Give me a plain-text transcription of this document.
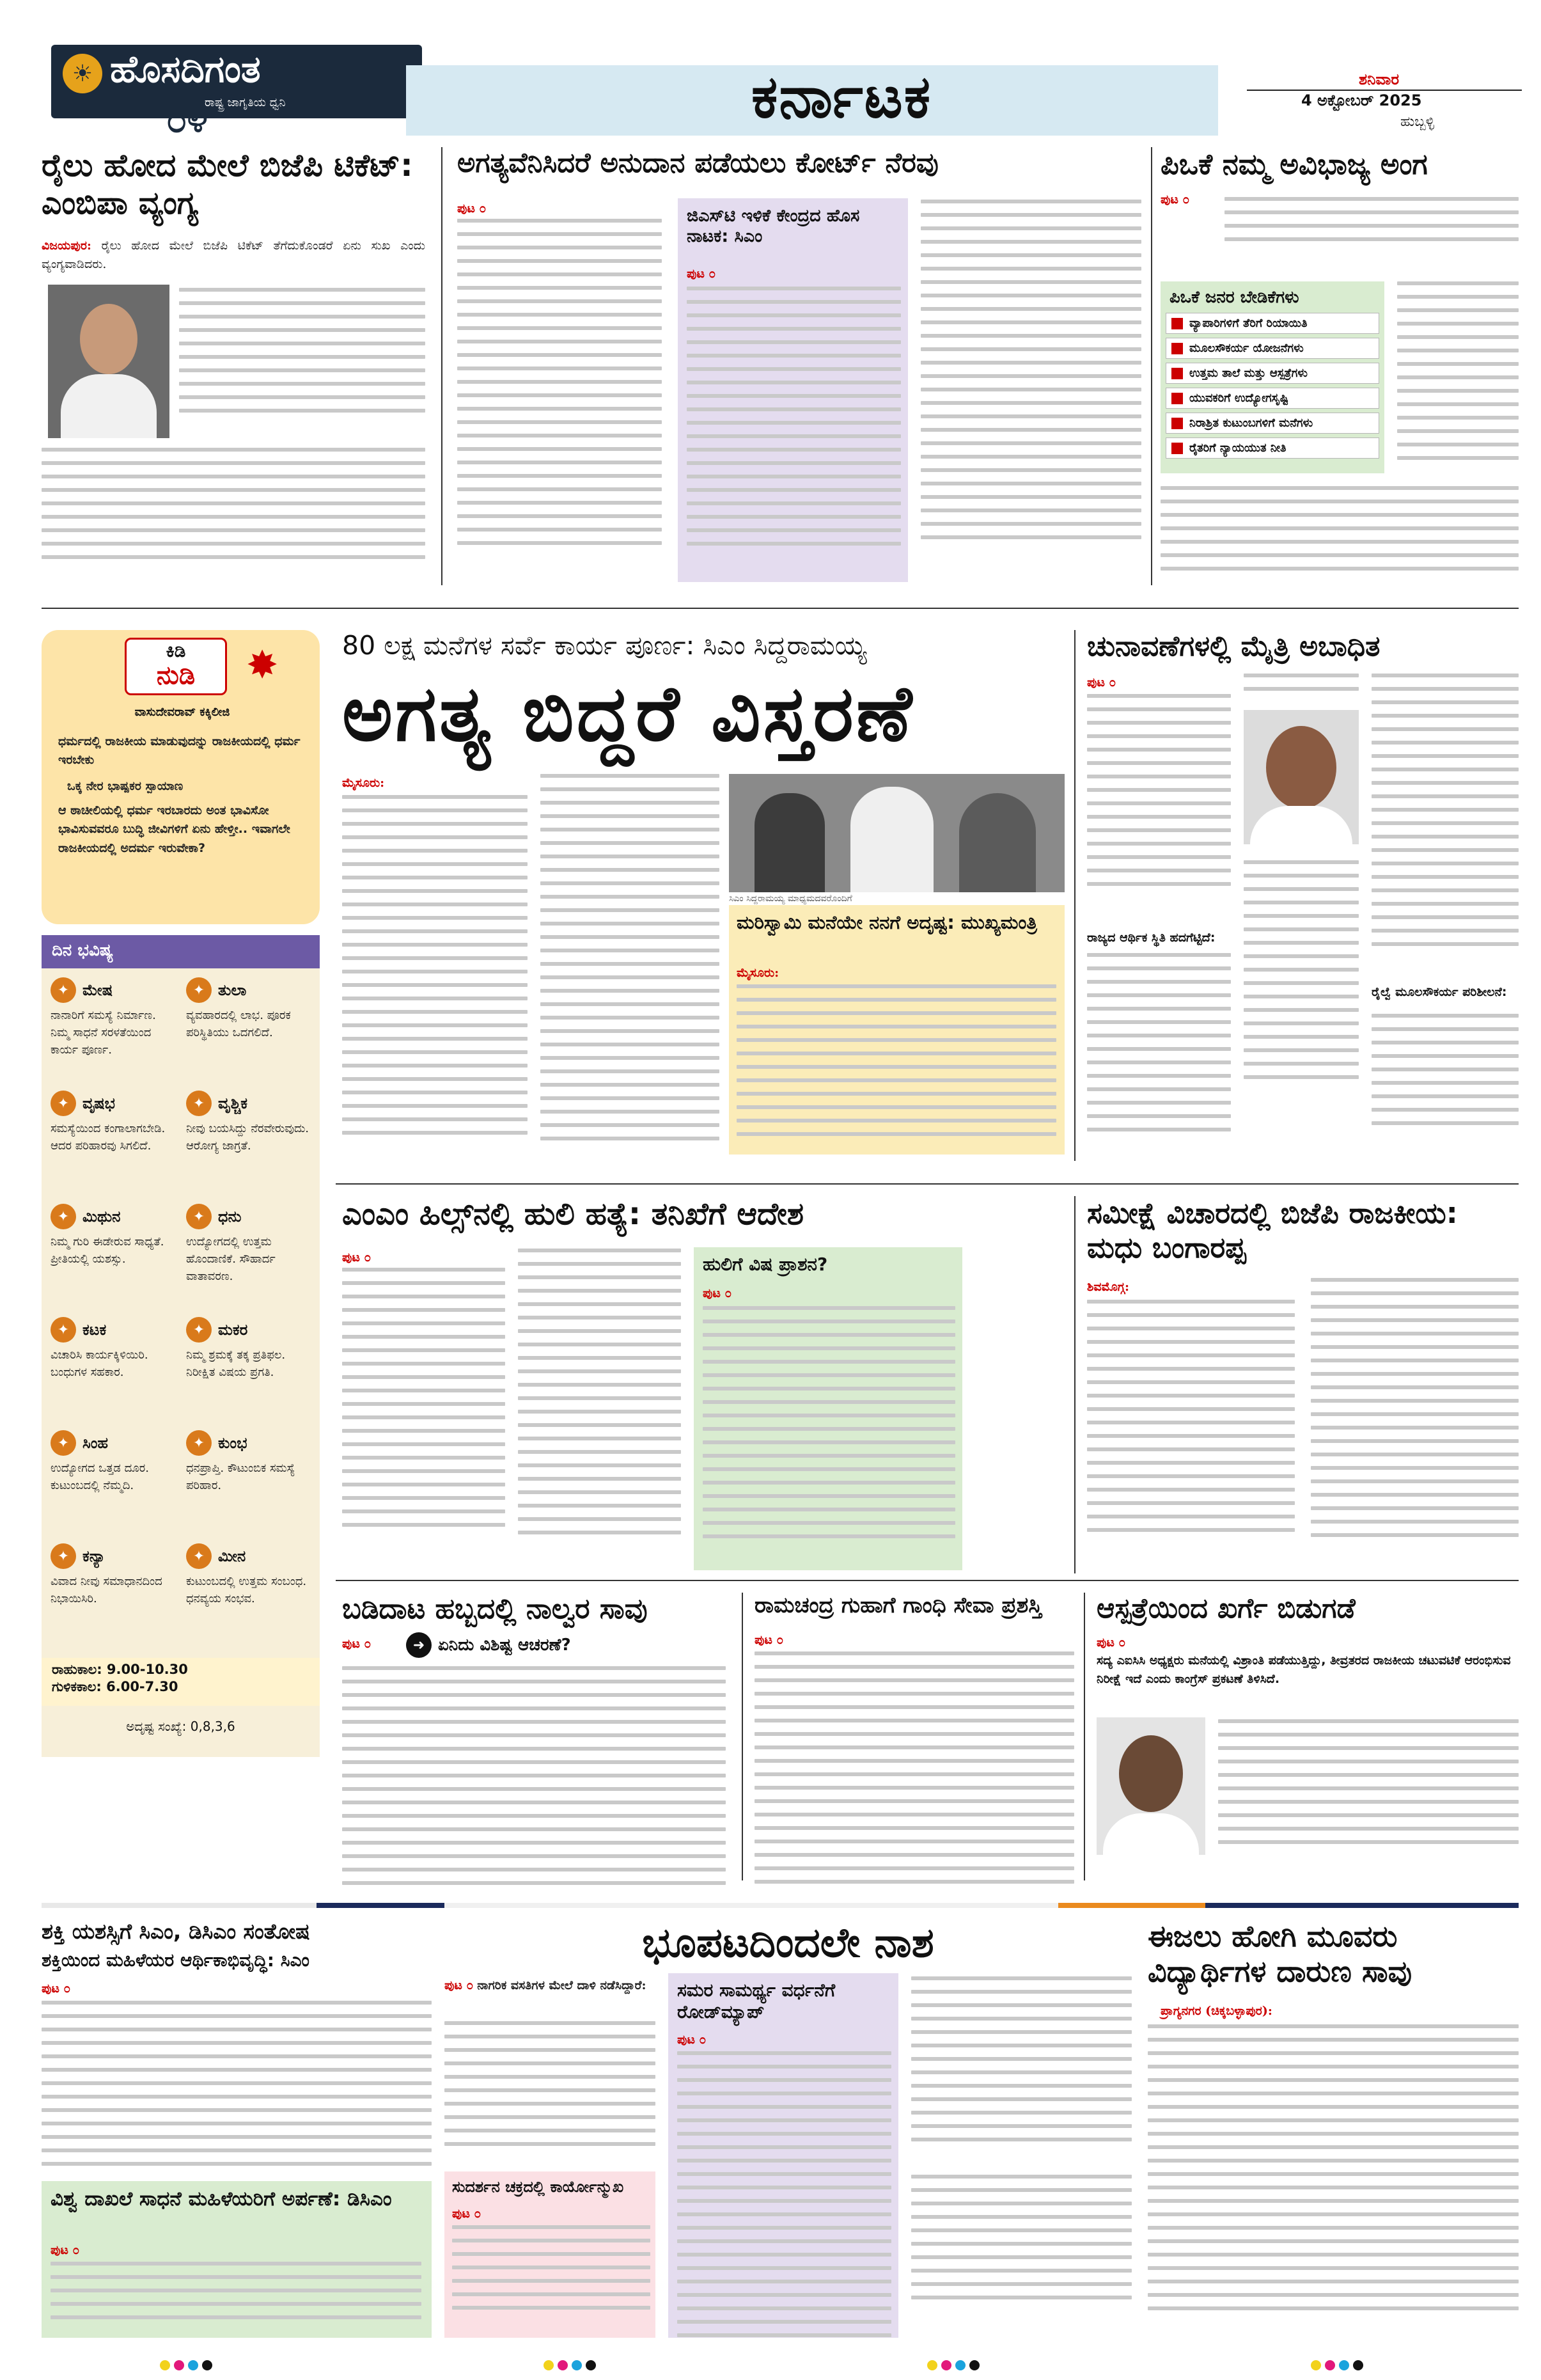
☀ ಹೊಸದಿಗಂತ
ರಾಷ್ಟ್ರ ಜಾಗೃತಿಯ ಧ್ವನಿ
೦೪	ಕರ್ನಾಟಕ	ಶನಿವಾರ
4 ಅಕ್ಟೋಬರ್ 2025
ಹುಬ್ಬಳ್ಳಿ
ರೈಲು ಹೋದ ಮೇಲೆ ಬಿಜೆಪಿ ಟಿಕೆಟ್: ಎಂಬಿಪಾ ವ್ಯಂಗ್ಯ
ವಿಜಯಪುರ: ರೈಲು ಹೋದ ಮೇಲೆ ಬಿಜೆಪಿ ಟಿಕೆಟ್ ತೆಗೆದುಕೊಂಡರೆ ಏನು ಸುಖ ಎಂದು ವ್ಯಂಗ್ಯವಾಡಿದರು.
ಅಗತ್ಯವೆನಿಸಿದರೆ ಅನುದಾನ ಪಡೆಯಲು ಕೋರ್ಟ್ ನೆರವು
ಪುಟ ೦	ಜಿಎಸ್‌ಟಿ ಇಳಿಕೆ ಕೇಂದ್ರದ ಹೊಸ ನಾಟಕ: ಸಿಎಂ
ಪುಟ ೦
ಪಿಒಕೆ ನಮ್ಮ ಅವಿಭಾಜ್ಯ ಅಂಗ
ಪುಟ ೦
ಪಿಒಕೆ ಜನರ ಬೇಡಿಕೆಗಳು
ವ್ಯಾಪಾರಿಗಳಿಗೆ ತೆರಿಗೆ ರಿಯಾಯಿತಿ
ಮೂಲಸೌಕರ್ಯ ಯೋಜನೆಗಳು
ಉತ್ತಮ ತಾಲೆ ಮತ್ತು ಆಸ್ಪತ್ರೆಗಳು
ಯುವಕರಿಗೆ ಉದ್ಯೋಗಸೃಷ್ಟಿ
ನಿರಾಶ್ರಿತ ಕುಟುಂಬಗಳಿಗೆ ಮನೆಗಳು
ರೈತರಿಗೆ ನ್ಯಾಯಯುತ ನೀತಿ
ಕಿಡಿ
ನುಡಿ	✸
ವಾಸುದೇವರಾವ್ ಕಕ್ಕಿಲೀಜಿ
ಧರ್ಮದಲ್ಲಿ ರಾಜಕೀಯ ಮಾಡುವುದನ್ನು ರಾಜಕೀಯದಲ್ಲಿ ಧರ್ಮ ಇರಬೇಕು
ಒಕ್ಕ ನೇರ ಭಾಷ್ಪಕರ ಸ್ಪಾಯಾಣ
ಆ ಠಾಚೀಲಿಯಲ್ಲಿ ಧರ್ಮ ಇರಬಾರದು ಅಂತ ಭಾವಿಸೋ ಭಾವಿಸುವವರೂ ಬುದ್ಧಿ ಜೀವಿಗಳಿಗೆ ಏನು ಹೇಳ್ತೀ.. ಇವಾಗಲೇ ರಾಜಕೀಯದಲ್ಲಿ ಅದರ್ಮ ಇರುವೇಕಾ?
ದಿನ ಭವಿಷ್ಯ
✦ ಮೇಷ
ನಾನಾರಿಗೆ ಸಮಸ್ಯೆ ನಿರ್ಮಾಣ. ನಿಮ್ಮ ಸಾಧನೆ ಸರಳತೆಯಿಂದ ಕಾರ್ಯ ಪೂರ್ಣ.
✦ ವೃಷಭ
ಸಮಸ್ಯೆಯಿಂದ ಕಂಗಾಲಾಗಬೇಡಿ. ಆದರ ಪರಿಹಾರವು ಸಿಗಲಿದೆ.
✦ ಮಿಥುನ
ನಿಮ್ಮ ಗುರಿ ಈಡೇರುವ ಸಾಧ್ಯತೆ. ಪ್ರೀತಿಯಲ್ಲಿ ಯಶಸ್ಸು.
✦ ಕಟಕ
ವಿಚಾರಿಸಿ ಕಾರ್ಯಕ್ಕಿಳಿಯಿರಿ. ಬಂಧುಗಳ ಸಹಕಾರ.
✦ ಸಿಂಹ
ಉದ್ಯೋಗದ ಒತ್ತಡ ದೂರ. ಕುಟುಂಬದಲ್ಲಿ ನೆಮ್ಮದಿ.
✦ ಕನ್ಯಾ
ವಿವಾದ ನೀವು ಸಮಾಧಾನದಿಂದ ನಿಭಾಯಿಸಿರಿ.
✦ ತುಲಾ
ವ್ಯವಹಾರದಲ್ಲಿ ಲಾಭ. ಪೂರಕ ಪರಿಸ್ಥಿತಿಯು ಒದಗಲಿದೆ.
✦ ವೃಶ್ಚಿಕ
ನೀವು ಬಯಸಿದ್ದು ನೆರವೇರುವುದು. ಆರೋಗ್ಯ ಜಾಗ್ರತೆ.
✦ ಧನು
ಉದ್ಯೋಗದಲ್ಲಿ ಉತ್ತಮ ಹೊಂದಾಣಿಕೆ. ಸೌಹಾರ್ದ ವಾತಾವರಣ.
✦ ಮಕರ
ನಿಮ್ಮ ಶ್ರಮಕ್ಕೆ ತಕ್ಕ ಪ್ರತಿಫಲ. ನಿರೀಕ್ಷಿತ ವಿಷಯ ಪ್ರಗತಿ.
✦ ಕುಂಭ
ಧನಪ್ರಾಪ್ತಿ. ಕೌಟುಂಬಿಕ ಸಮಸ್ಯೆ ಪರಿಹಾರ.
✦ ಮೀನ
ಕುಟುಂಬದಲ್ಲಿ ಉತ್ತಮ ಸಂಬಂಧ. ಧನವ್ಯಯ ಸಂಭವ.
ರಾಹುಕಾಲ: 9.00-10.30
ಗುಳಿಕಕಾಲ: 6.00-7.30
ಅದೃಷ್ಟ ಸಂಖ್ಯೆ: 0,8,3,6
80 ಲಕ್ಷ ಮನೆಗಳ ಸರ್ವೆ ಕಾರ್ಯ ಪೂರ್ಣ: ಸಿಎಂ ಸಿದ್ದರಾಮಯ್ಯ
ಅಗತ್ಯ ಬಿದ್ದರೆ ವಿಸ್ತರಣೆ
ಮೈಸೂರು:
ಸಿಎಂ ಸಿದ್ದರಾಮಯ್ಯ ಮಾಧ್ಯಮದವರೊಂದಿಗೆ
ಮರಿಸ್ವಾಮಿ ಮನೆಯೇ ನನಗೆ ಅದೃಷ್ಟ: ಮುಖ್ಯಮಂತ್ರಿ
ಮೈಸೂರು:
ಚುನಾವಣೆಗಳಲ್ಲಿ ಮೈತ್ರಿ ಅಬಾಧಿತ
ಪುಟ ೦
ರಾಜ್ಯದ ಆರ್ಥಿಕ ಸ್ಥಿತಿ ಹದಗೆಟ್ಟಿದೆ:
ರೈಲ್ವೆ ಮೂಲಸೌಕರ್ಯ ಪರಿಶೀಲನೆ:
ಎಂಎಂ ಹಿಲ್ಸ್‌ನಲ್ಲಿ ಹುಲಿ ಹತ್ಯೆ: ತನಿಖೆಗೆ ಆದೇಶ
ಪುಟ ೦	ಹುಲಿಗೆ ವಿಷ ಪ್ರಾಶನ?
ಪುಟ ೦
ಸಮೀಕ್ಷೆ ವಿಚಾರದಲ್ಲಿ ಬಿಜೆಪಿ ರಾಜಕೀಯ: ಮಧು ಬಂಗಾರಪ್ಪ
ಶಿವಮೊಗ್ಗ:
ಬಡಿದಾಟ ಹಬ್ಬದಲ್ಲಿ ನಾಲ್ವರ ಸಾವು
ಪುಟ ೦	➜ ಏನಿದು ವಿಶಿಷ್ಟ ಆಚರಣೆ?
ರಾಮಚಂದ್ರ ಗುಹಾಗೆ ಗಾಂಧಿ ಸೇವಾ ಪ್ರಶಸ್ತಿ
ಪುಟ ೦
ಆಸ್ಪತ್ರೆಯಿಂದ ಖರ್ಗೆ ಬಿಡುಗಡೆ
ಪುಟ ೦
ಸದ್ಯ ಎಐಸಿಸಿ ಅಧ್ಯಕ್ಷರು ಮನೆಯಲ್ಲಿ ವಿಶ್ರಾಂತಿ ಪಡೆಯುತ್ತಿದ್ದು, ತೀವ್ರತರದ ರಾಜಕೀಯ ಚಟುವಟಿಕೆ ಆರಂಭಿಸುವ ನಿರೀಕ್ಷೆ ಇದೆ ಎಂದು ಕಾಂಗ್ರೆಸ್ ಪ್ರಕಟಣೆ ತಿಳಿಸಿದೆ.
ಶಕ್ತಿ ಯಶಸ್ಸಿಗೆ ಸಿಎಂ, ಡಿಸಿಎಂ ಸಂತೋಷ
ಶಕ್ತಿಯಿಂದ ಮಹಿಳೆಯರ ಆರ್ಥಿಕಾಭಿವೃದ್ಧಿ: ಸಿಎಂ
ಪುಟ ೦
ವಿಶ್ವ ದಾಖಲೆ ಸಾಧನೆ ಮಹಿಳೆಯರಿಗೆ ಅರ್ಪಣೆ: ಡಿಸಿಎಂ
ಪುಟ ೦
ಭೂಪಟದಿಂದಲೇ ನಾಶ
ಪುಟ ೦ ನಾಗರಿಕ ವಸತಿಗಳ ಮೇಲೆ ದಾಳಿ ನಡೆಸಿದ್ದಾರೆ:	ಸಮರ ಸಾಮರ್ಥ್ಯ ವರ್ಧನೆಗೆ ರೋಡ್‌ಮ್ಯಾಪ್
ಪುಟ ೦
ಸುದರ್ಶನ ಚಕ್ರದಲ್ಲಿ ಕಾರ್ಯೋನ್ಮುಖ
ಪುಟ ೦
ಈಜಲು ಹೋಗಿ ಮೂವರು ವಿದ್ಯಾರ್ಥಿಗಳ ದಾರುಣ ಸಾವು
ಪ್ರಾಗ್ಯನಗರ (ಚಿಕ್ಕಬಳ್ಳಾಪುರ):
